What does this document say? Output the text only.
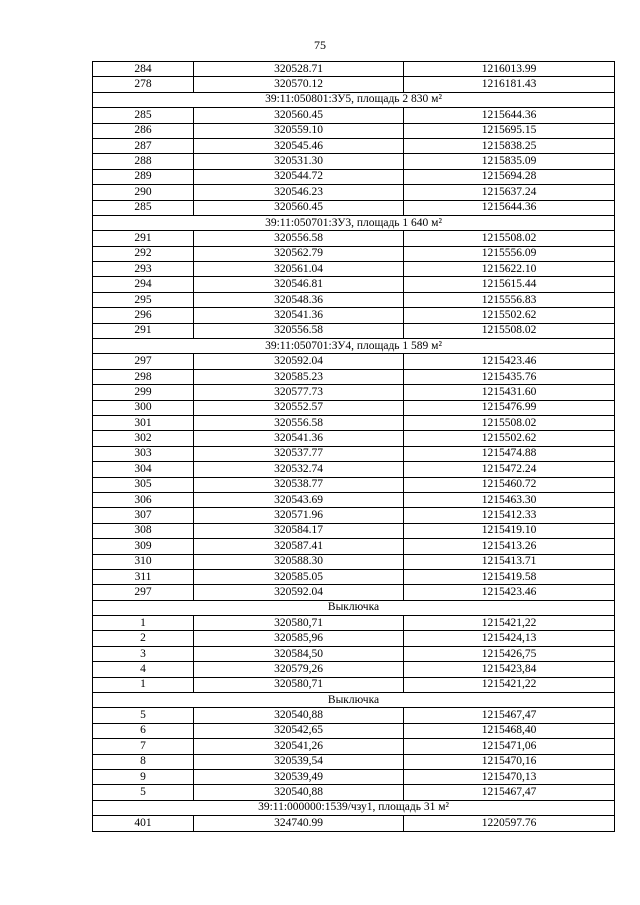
75
284	320528.71	1216013.99
278	320570.12	1216181.43
39:11:050801:ЗУ5, площадь 2 830 м²		
285	320560.45	1215644.36
286	320559.10	1215695.15
287	320545.46	1215838.25
288	320531.30	1215835.09
289	320544.72	1215694.28
290	320546.23	1215637.24
285	320560.45	1215644.36
39:11:050701:ЗУ3, площадь 1 640 м²		
291	320556.58	1215508.02
292	320562.79	1215556.09
293	320561.04	1215622.10
294	320546.81	1215615.44
295	320548.36	1215556.83
296	320541.36	1215502.62
291	320556.58	1215508.02
39:11:050701:ЗУ4, площадь 1 589 м²		
297	320592.04	1215423.46
298	320585.23	1215435.76
299	320577.73	1215431.60
300	320552.57	1215476.99
301	320556.58	1215508.02
302	320541.36	1215502.62
303	320537.77	1215474.88
304	320532.74	1215472.24
305	320538.77	1215460.72
306	320543.69	1215463.30
307	320571.96	1215412.33
308	320584.17	1215419.10
309	320587.41	1215413.26
310	320588.30	1215413.71
311	320585.05	1215419.58
297	320592.04	1215423.46
Выключка		
1	320580,71	1215421,22
2	320585,96	1215424,13
3	320584,50	1215426,75
4	320579,26	1215423,84
1	320580,71	1215421,22
Выключка		
5	320540,88	1215467,47
6	320542,65	1215468,40
7	320541,26	1215471,06
8	320539,54	1215470,16
9	320539,49	1215470,13
5	320540,88	1215467,47
39:11:000000:1539/чзу1, площадь 31 м²		
401	324740.99	1220597.76
